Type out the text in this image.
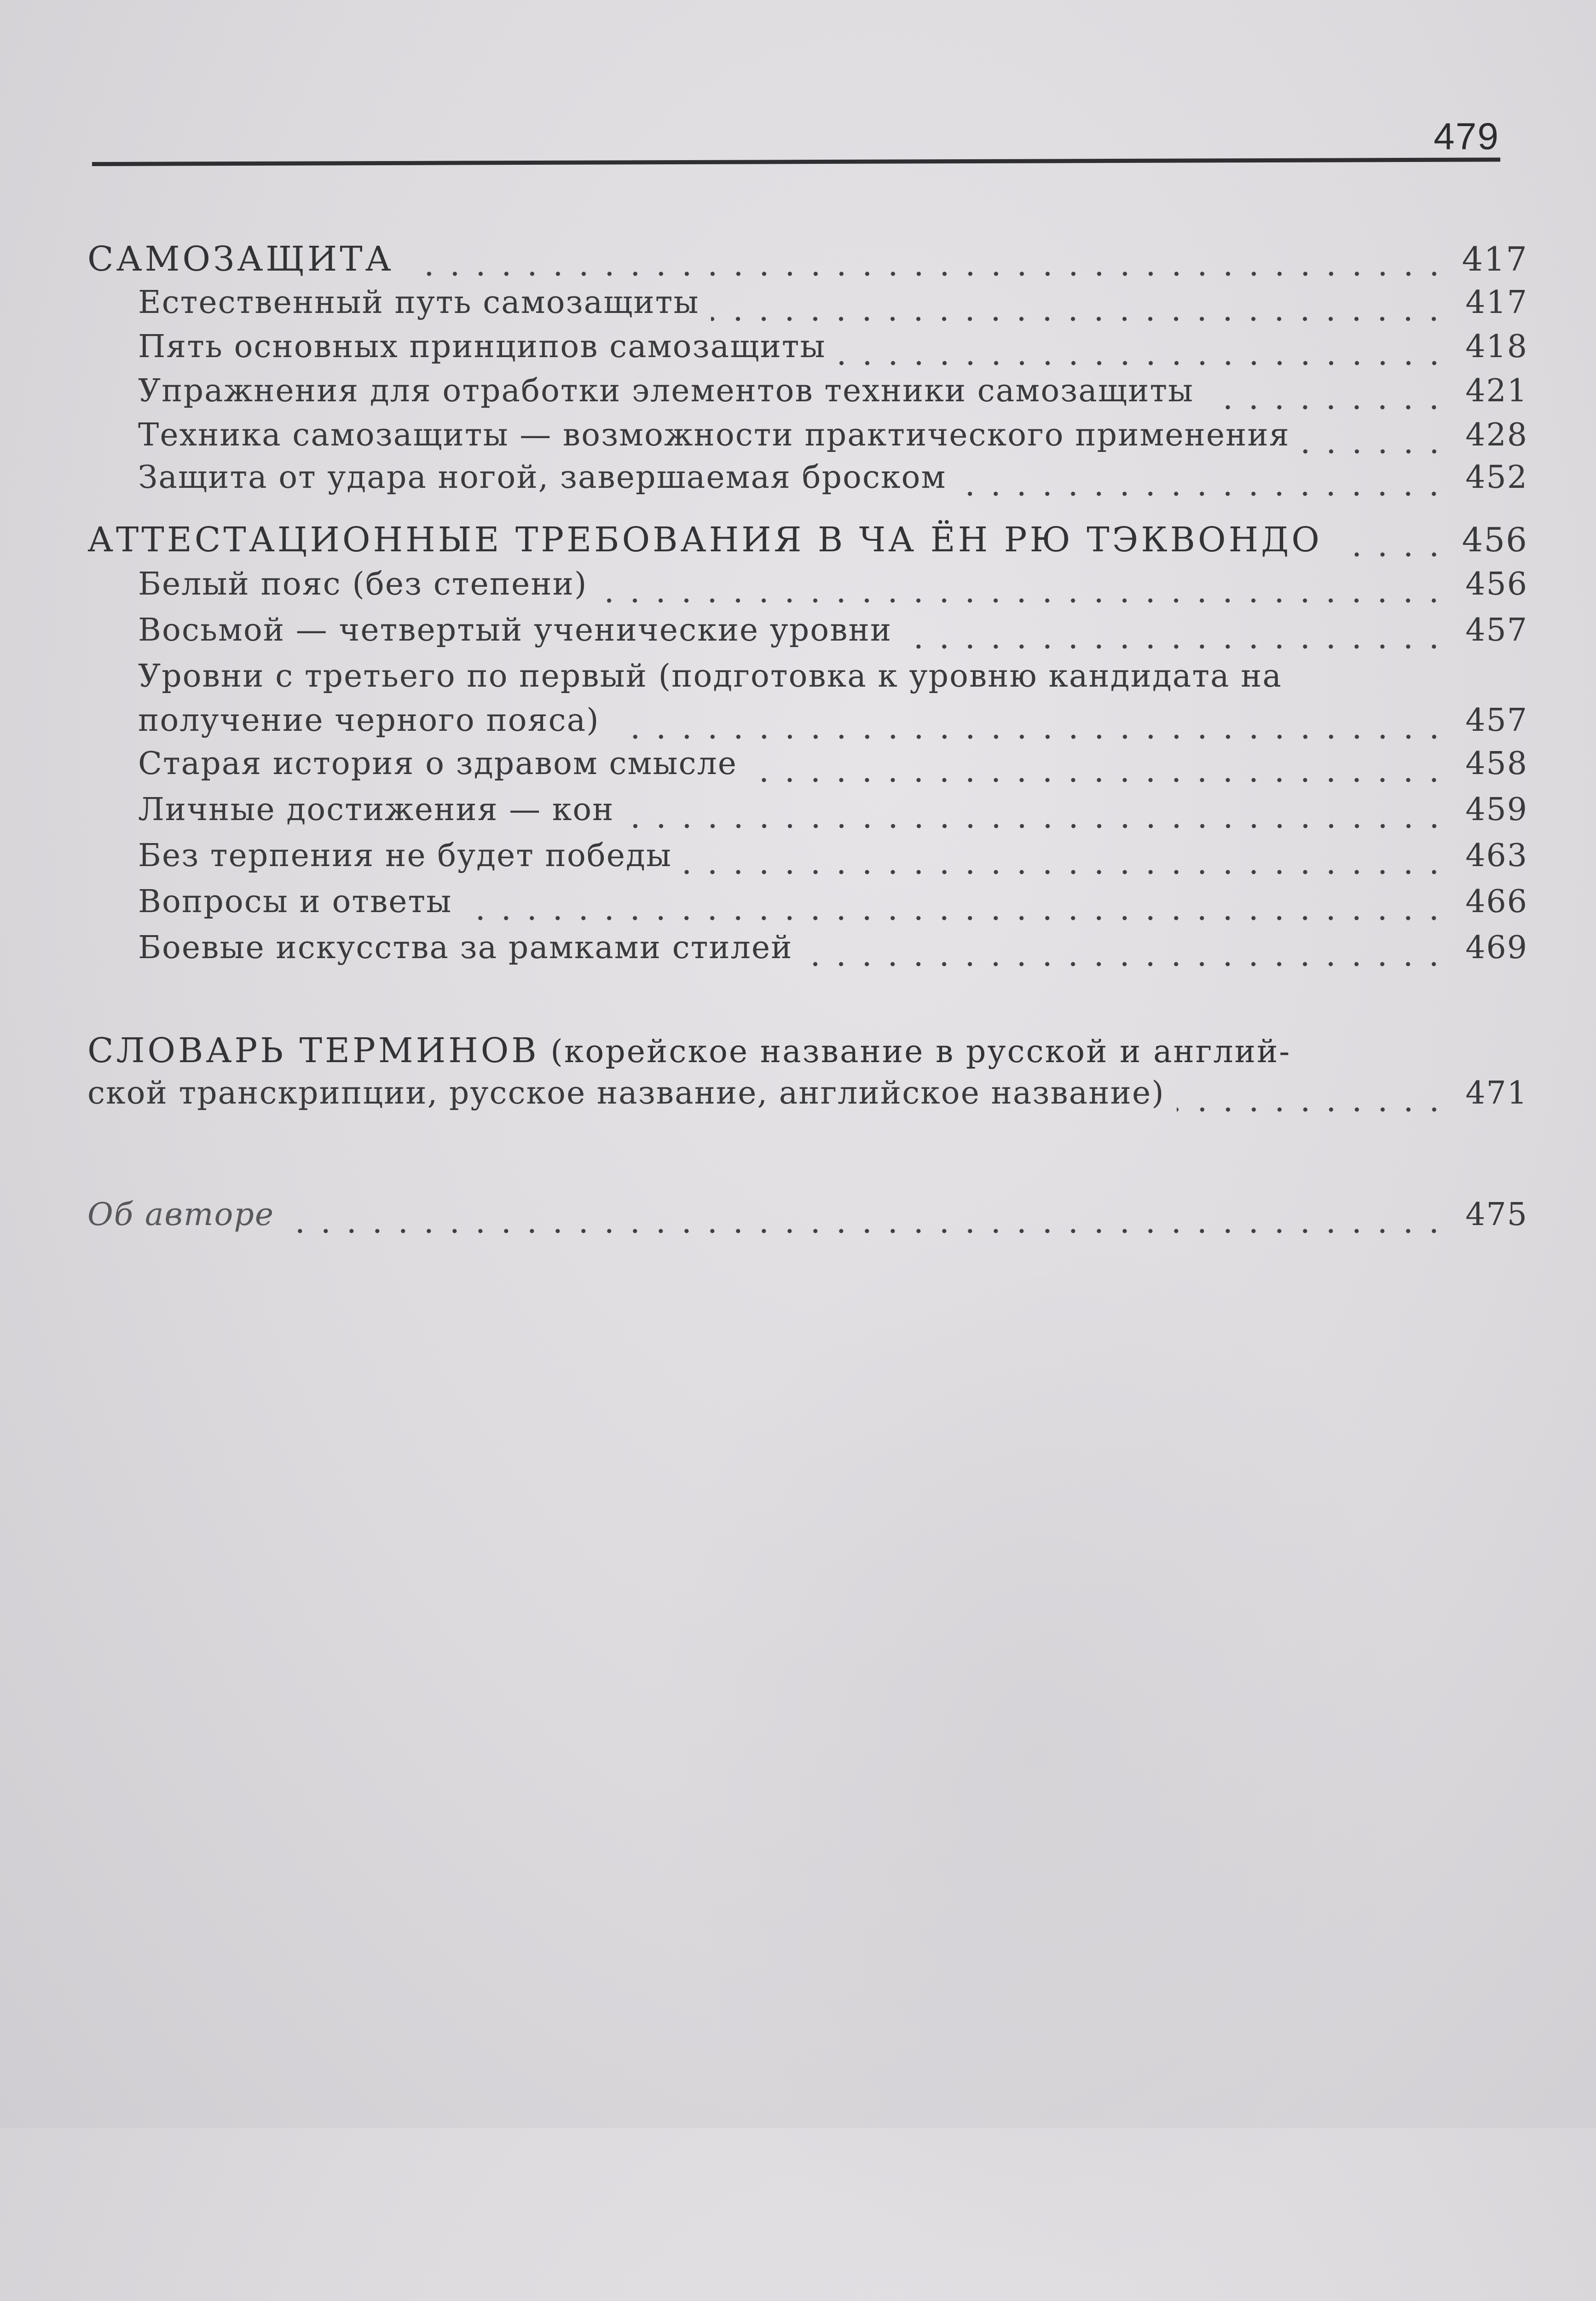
479
САМОЗАЩИТА	417
Естественный путь самозащиты	417
Пять основных принципов самозащиты	418
Упражнения для отработки элементов техники самозащиты	421
Техника самозащиты — возможности практического применения	428
Защита от удара ногой, завершаемая броском	452
АТТЕСТАЦИОННЫЕ ТРЕБОВАНИЯ В ЧА ЁН РЮ ТЭКВОНДО	456
Белый пояс (без степени)	456
Восьмой — четвертый ученические уровни	457
Уровни с третьего по первый (подготовка к уровню кандидата на
получение черного пояса)	457
Старая история о здравом смысле	458
Личные достижения — кон	459
Без терпения не будет победы	463
Вопросы и ответы	466
Боевые искусства за рамками стилей	469
СЛОВАРЬ ТЕРМИНОВ (корейское название в русской и англий-
ской транскрипции, русское название, английское название)	471
Об авторе	475
